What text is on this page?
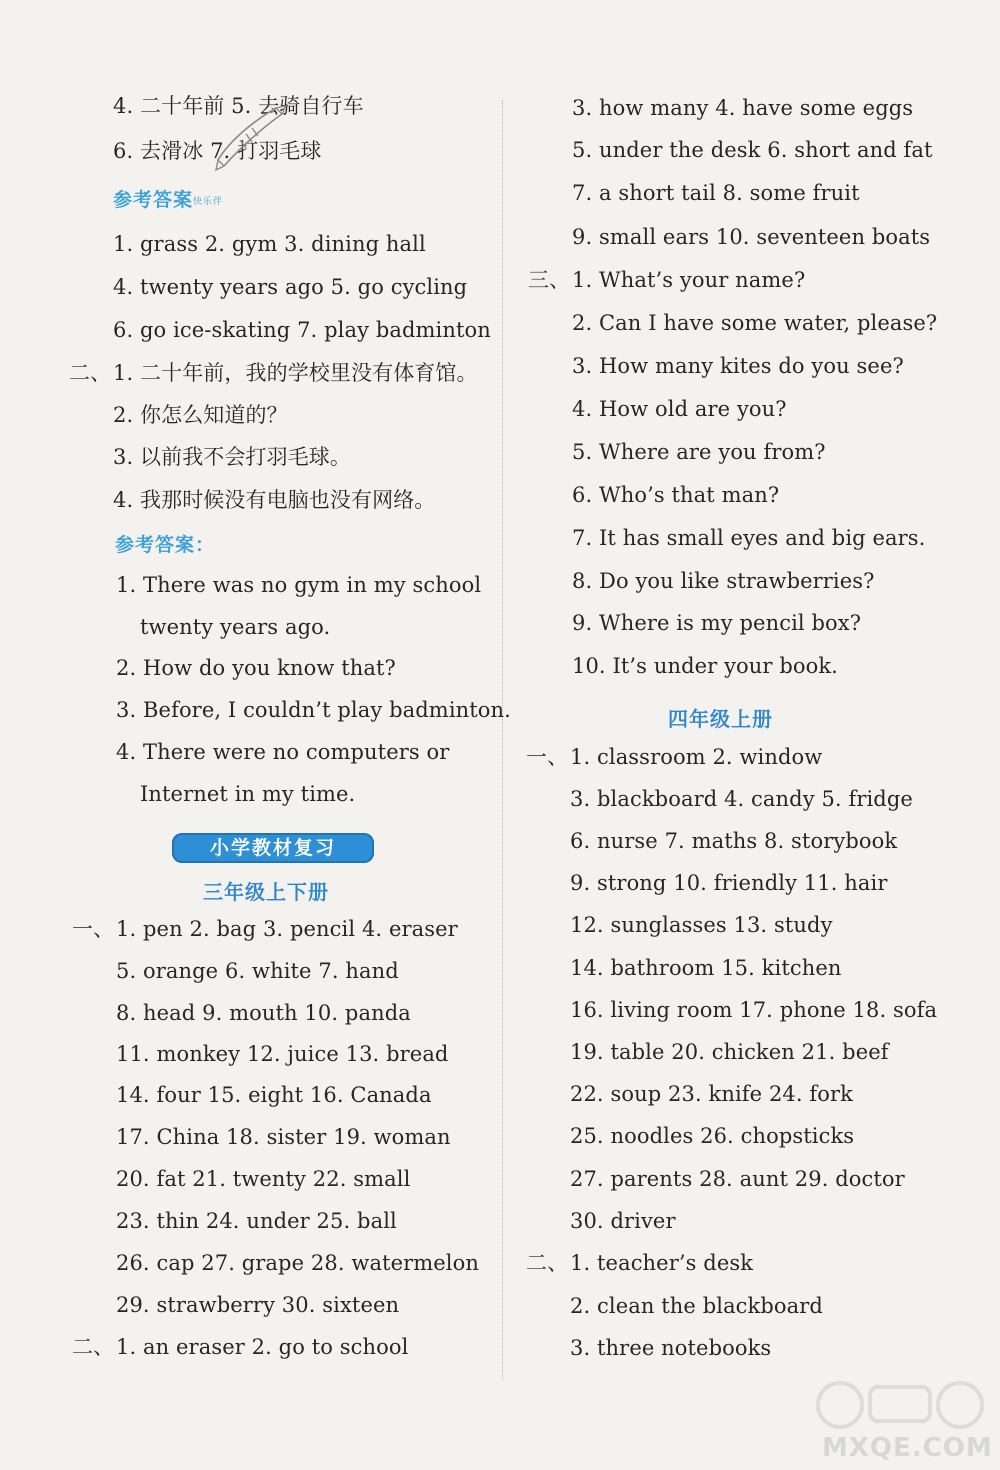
4. 二十年前 5. 去骑自行车
6. 去滑冰 7. 打羽毛球
参考答案快乐伴
1. grass 2. gym 3. dining hall
4. twenty years ago 5. go cycling
6. go ice-skating 7. play badminton
二、 1. 二十年前，我的学校里没有体育馆。
2. 你怎么知道的？
3. 以前我不会打羽毛球。
4. 我那时候没有电脑也没有网络。
参考答案：
1. There was no gym in my school
twenty years ago.
2. How do you know that?
3. Before, I couldn’t play badminton.
4. There were no computers or
Internet in my time.
小学教材复习
三年级上下册
一、 1. pen 2. bag 3. pencil 4. eraser
5. orange 6. white 7. hand
8. head 9. mouth 10. panda
11. monkey 12. juice 13. bread
14. four 15. eight 16. Canada
17. China 18. sister 19. woman
20. fat 21. twenty 22. small
23. thin 24. under 25. ball
26. cap 27. grape 28. watermelon
29. strawberry 30. sixteen
二、 1. an eraser 2. go to school
3. how many 4. have some eggs
5. under the desk 6. short and fat
7. a short tail 8. some fruit
9. small ears 10. seventeen boats
三、 1. What’s your name?
2. Can I have some water, please?
3. How many kites do you see?
4. How old are you?
5. Where are you from?
6. Who’s that man?
7. It has small eyes and big ears.
8. Do you like strawberries?
9. Where is my pencil box?
10. It’s under your book.
四年级上册
一、 1. classroom 2. window
3. blackboard 4. candy 5. fridge
6. nurse 7. maths 8. storybook
9. strong 10. friendly 11. hair
12. sunglasses 13. study
14. bathroom 15. kitchen
16. living room 17. phone 18. sofa
19. table 20. chicken 21. beef
22. soup 23. knife 24. fork
25. noodles 26. chopsticks
27. parents 28. aunt 29. doctor
30. driver
二、 1. teacher’s desk
2. clean the blackboard
3. three notebooks
MXQE.COM
